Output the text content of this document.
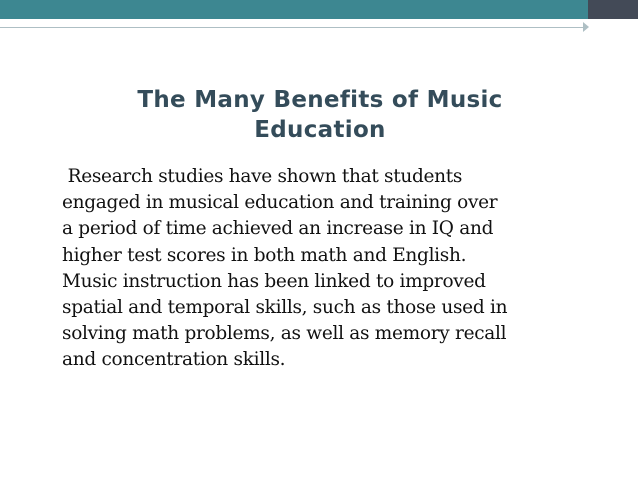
The Many Benefits of Music
Education
Research studies have shown that students
engaged in musical education and training over
a period of time achieved an increase in IQ and
higher test scores in both math and English.
Music instruction has been linked to improved
spatial and temporal skills, such as those used in
solving math problems, as well as memory recall
and concentration skills.
